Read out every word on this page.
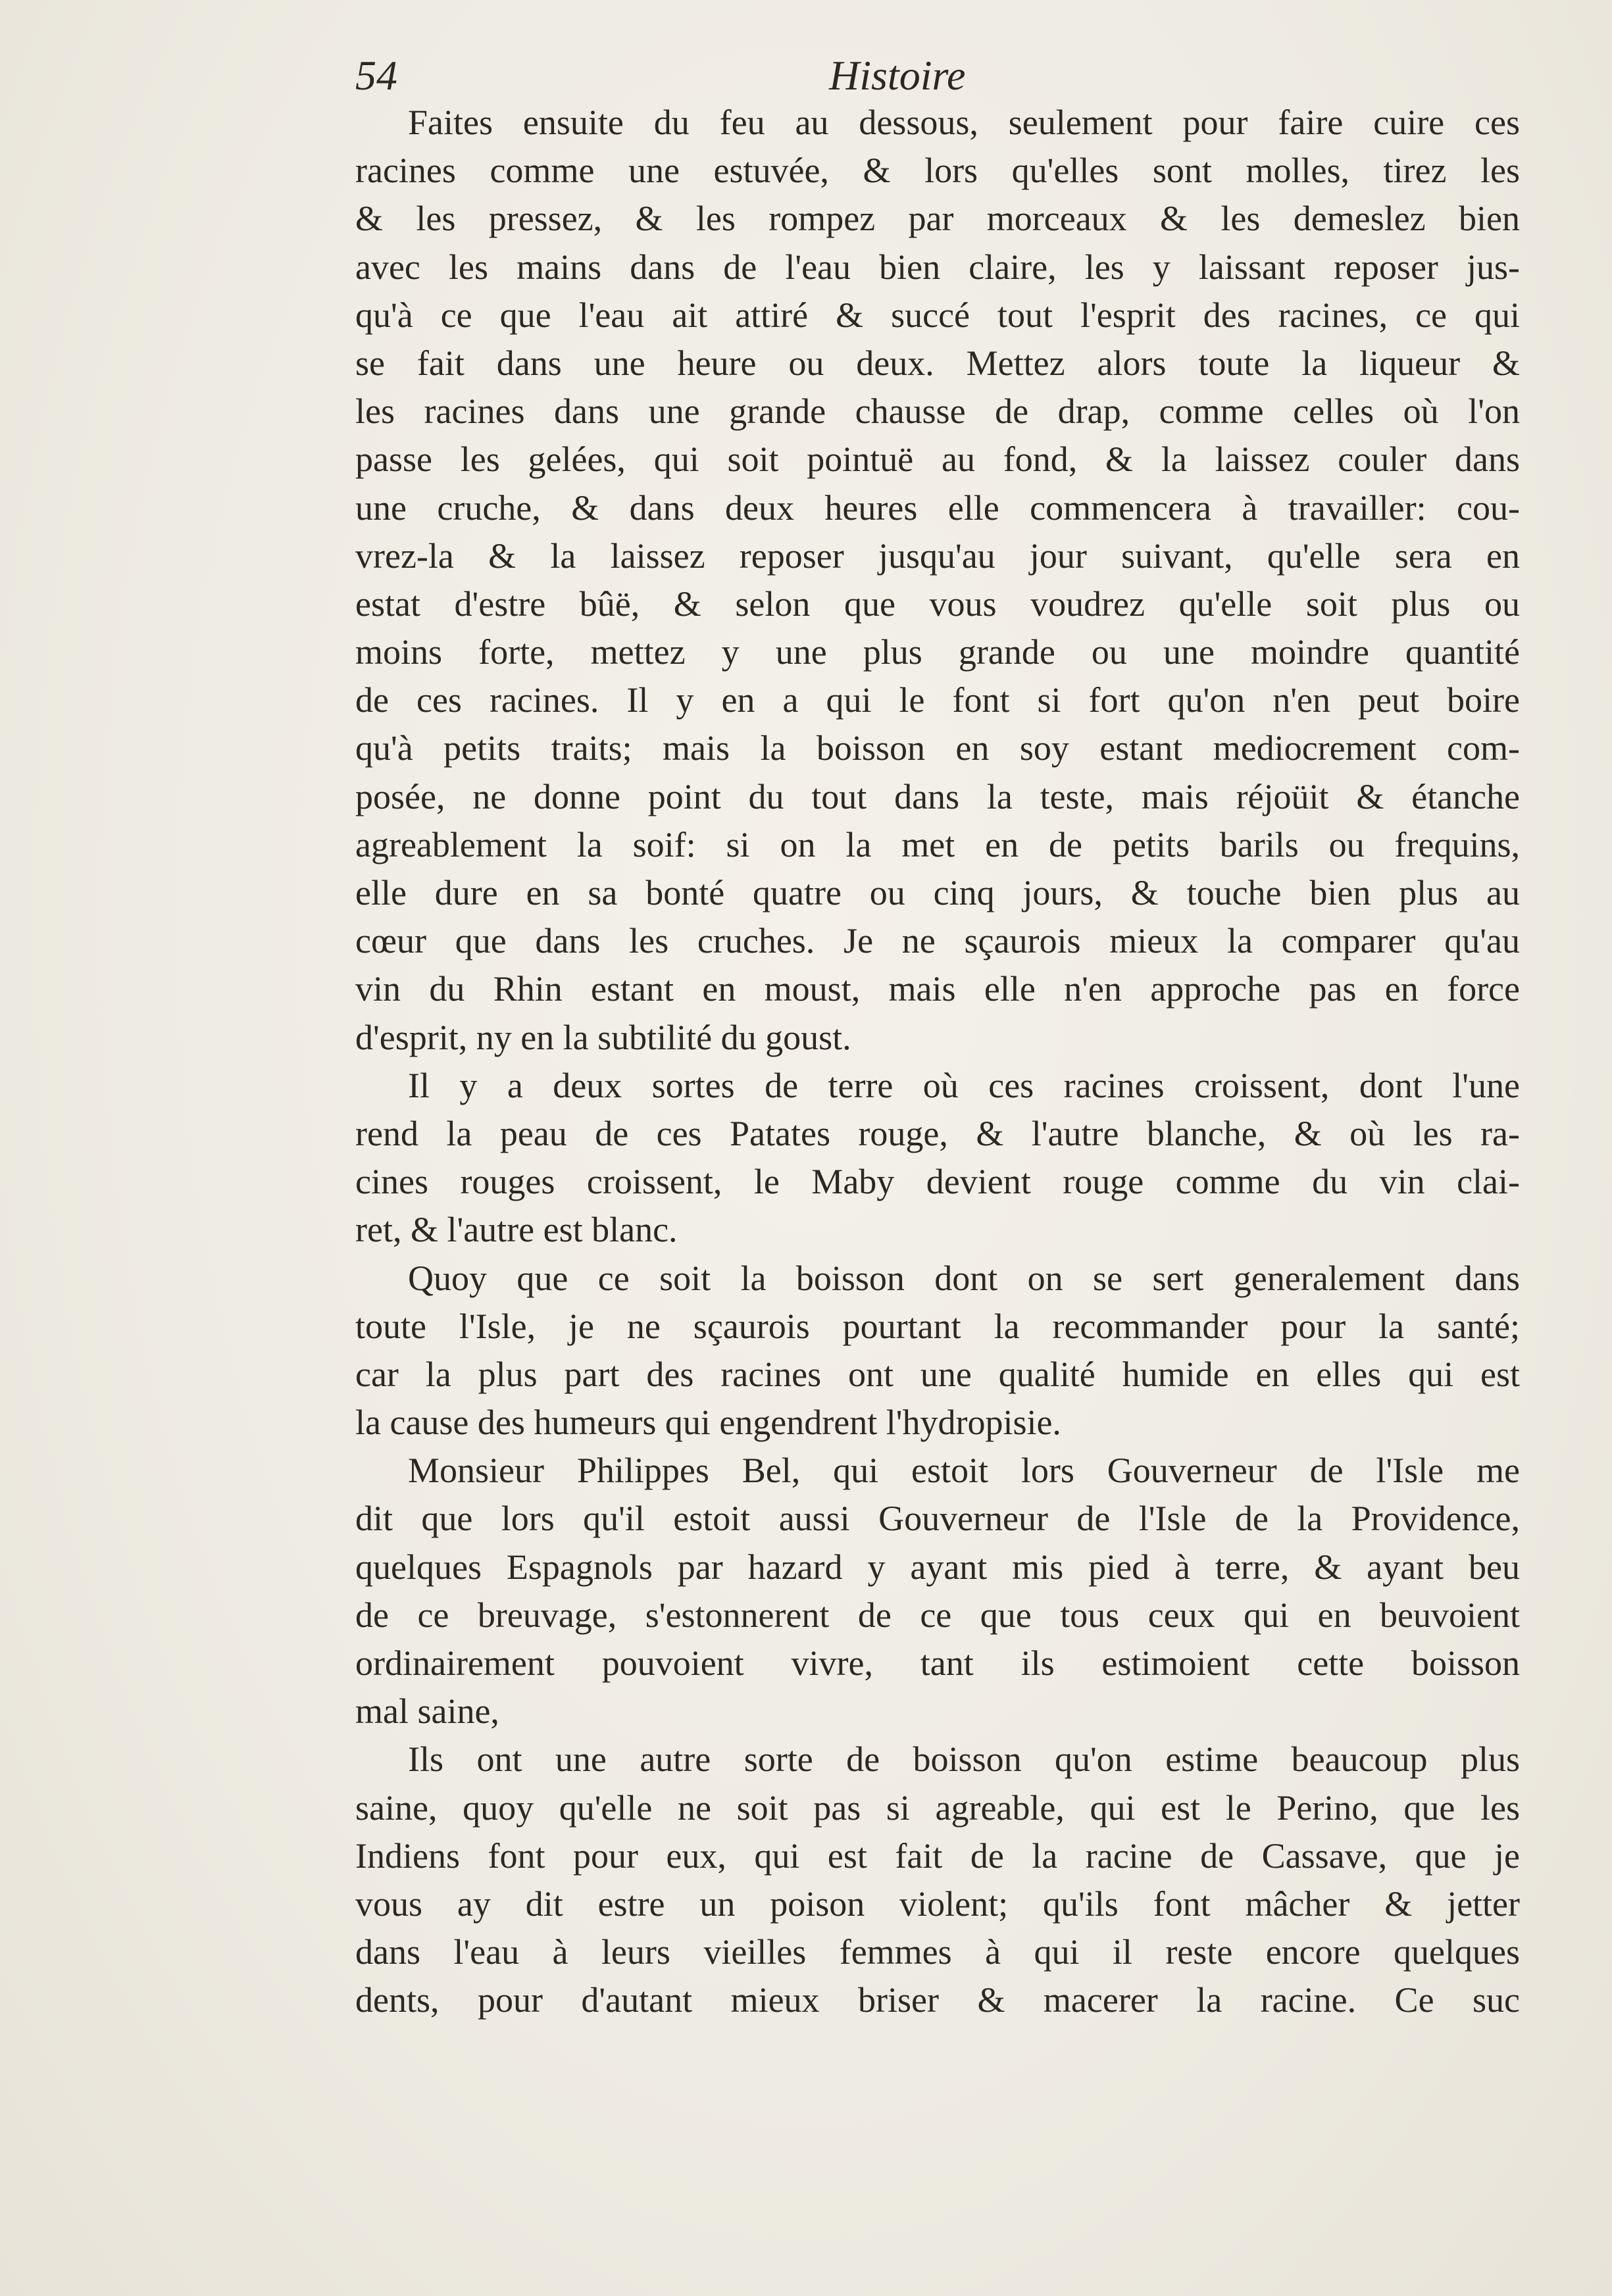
54	Histoire
Faites ensuite du feu au dessous, seulement pour faire cuire ces
racines comme une estuvée, & lors qu'elles sont molles, tirez les
& les pressez, & les rompez par morceaux & les demeslez bien
avec les mains dans de l'eau bien claire, les y laissant reposer jus-
qu'à ce que l'eau ait attiré & succé tout l'esprit des racines, ce qui
se fait dans une heure ou deux. Mettez alors toute la liqueur &
les racines dans une grande chausse de drap, comme celles où l'on
passe les gelées, qui soit pointuë au fond, & la laissez couler dans
une cruche, & dans deux heures elle commencera à travailler: cou-
vrez-la & la laissez reposer jusqu'au jour suivant, qu'elle sera en
estat d'estre bûë, & selon que vous voudrez qu'elle soit plus ou
moins forte, mettez y une plus grande ou une moindre quantité
de ces racines. Il y en a qui le font si fort qu'on n'en peut boire
qu'à petits traits; mais la boisson en soy estant mediocrement com-
posée, ne donne point du tout dans la teste, mais réjoüit & étanche
agreablement la soif: si on la met en de petits barils ou frequins,
elle dure en sa bonté quatre ou cinq jours, & touche bien plus au
cœur que dans les cruches. Je ne sçaurois mieux la comparer qu'au
vin du Rhin estant en moust, mais elle n'en approche pas en force
d'esprit, ny en la subtilité du goust.
Il y a deux sortes de terre où ces racines croissent, dont l'une
rend la peau de ces Patates rouge, & l'autre blanche, & où les ra-
cines rouges croissent, le Maby devient rouge comme du vin clai-
ret, & l'autre est blanc.
Quoy que ce soit la boisson dont on se sert generalement dans
toute l'Isle, je ne sçaurois pourtant la recommander pour la santé;
car la plus part des racines ont une qualité humide en elles qui est
la cause des humeurs qui engendrent l'hydropisie.
Monsieur Philippes Bel, qui estoit lors Gouverneur de l'Isle me
dit que lors qu'il estoit aussi Gouverneur de l'Isle de la Providence,
quelques Espagnols par hazard y ayant mis pied à terre, & ayant beu
de ce breuvage, s'estonnerent de ce que tous ceux qui en beuvoient
ordinairement pouvoient vivre, tant ils estimoient cette boisson
mal saine,
Ils ont une autre sorte de boisson qu'on estime beaucoup plus
saine, quoy qu'elle ne soit pas si agreable, qui est le Perino, que les
Indiens font pour eux, qui est fait de la racine de Cassave, que je
vous ay dit estre un poison violent; qu'ils font mâcher & jetter
dans l'eau à leurs vieilles femmes à qui il reste encore quelques
dents, pour d'autant mieux briser & macerer la racine. Ce suc
